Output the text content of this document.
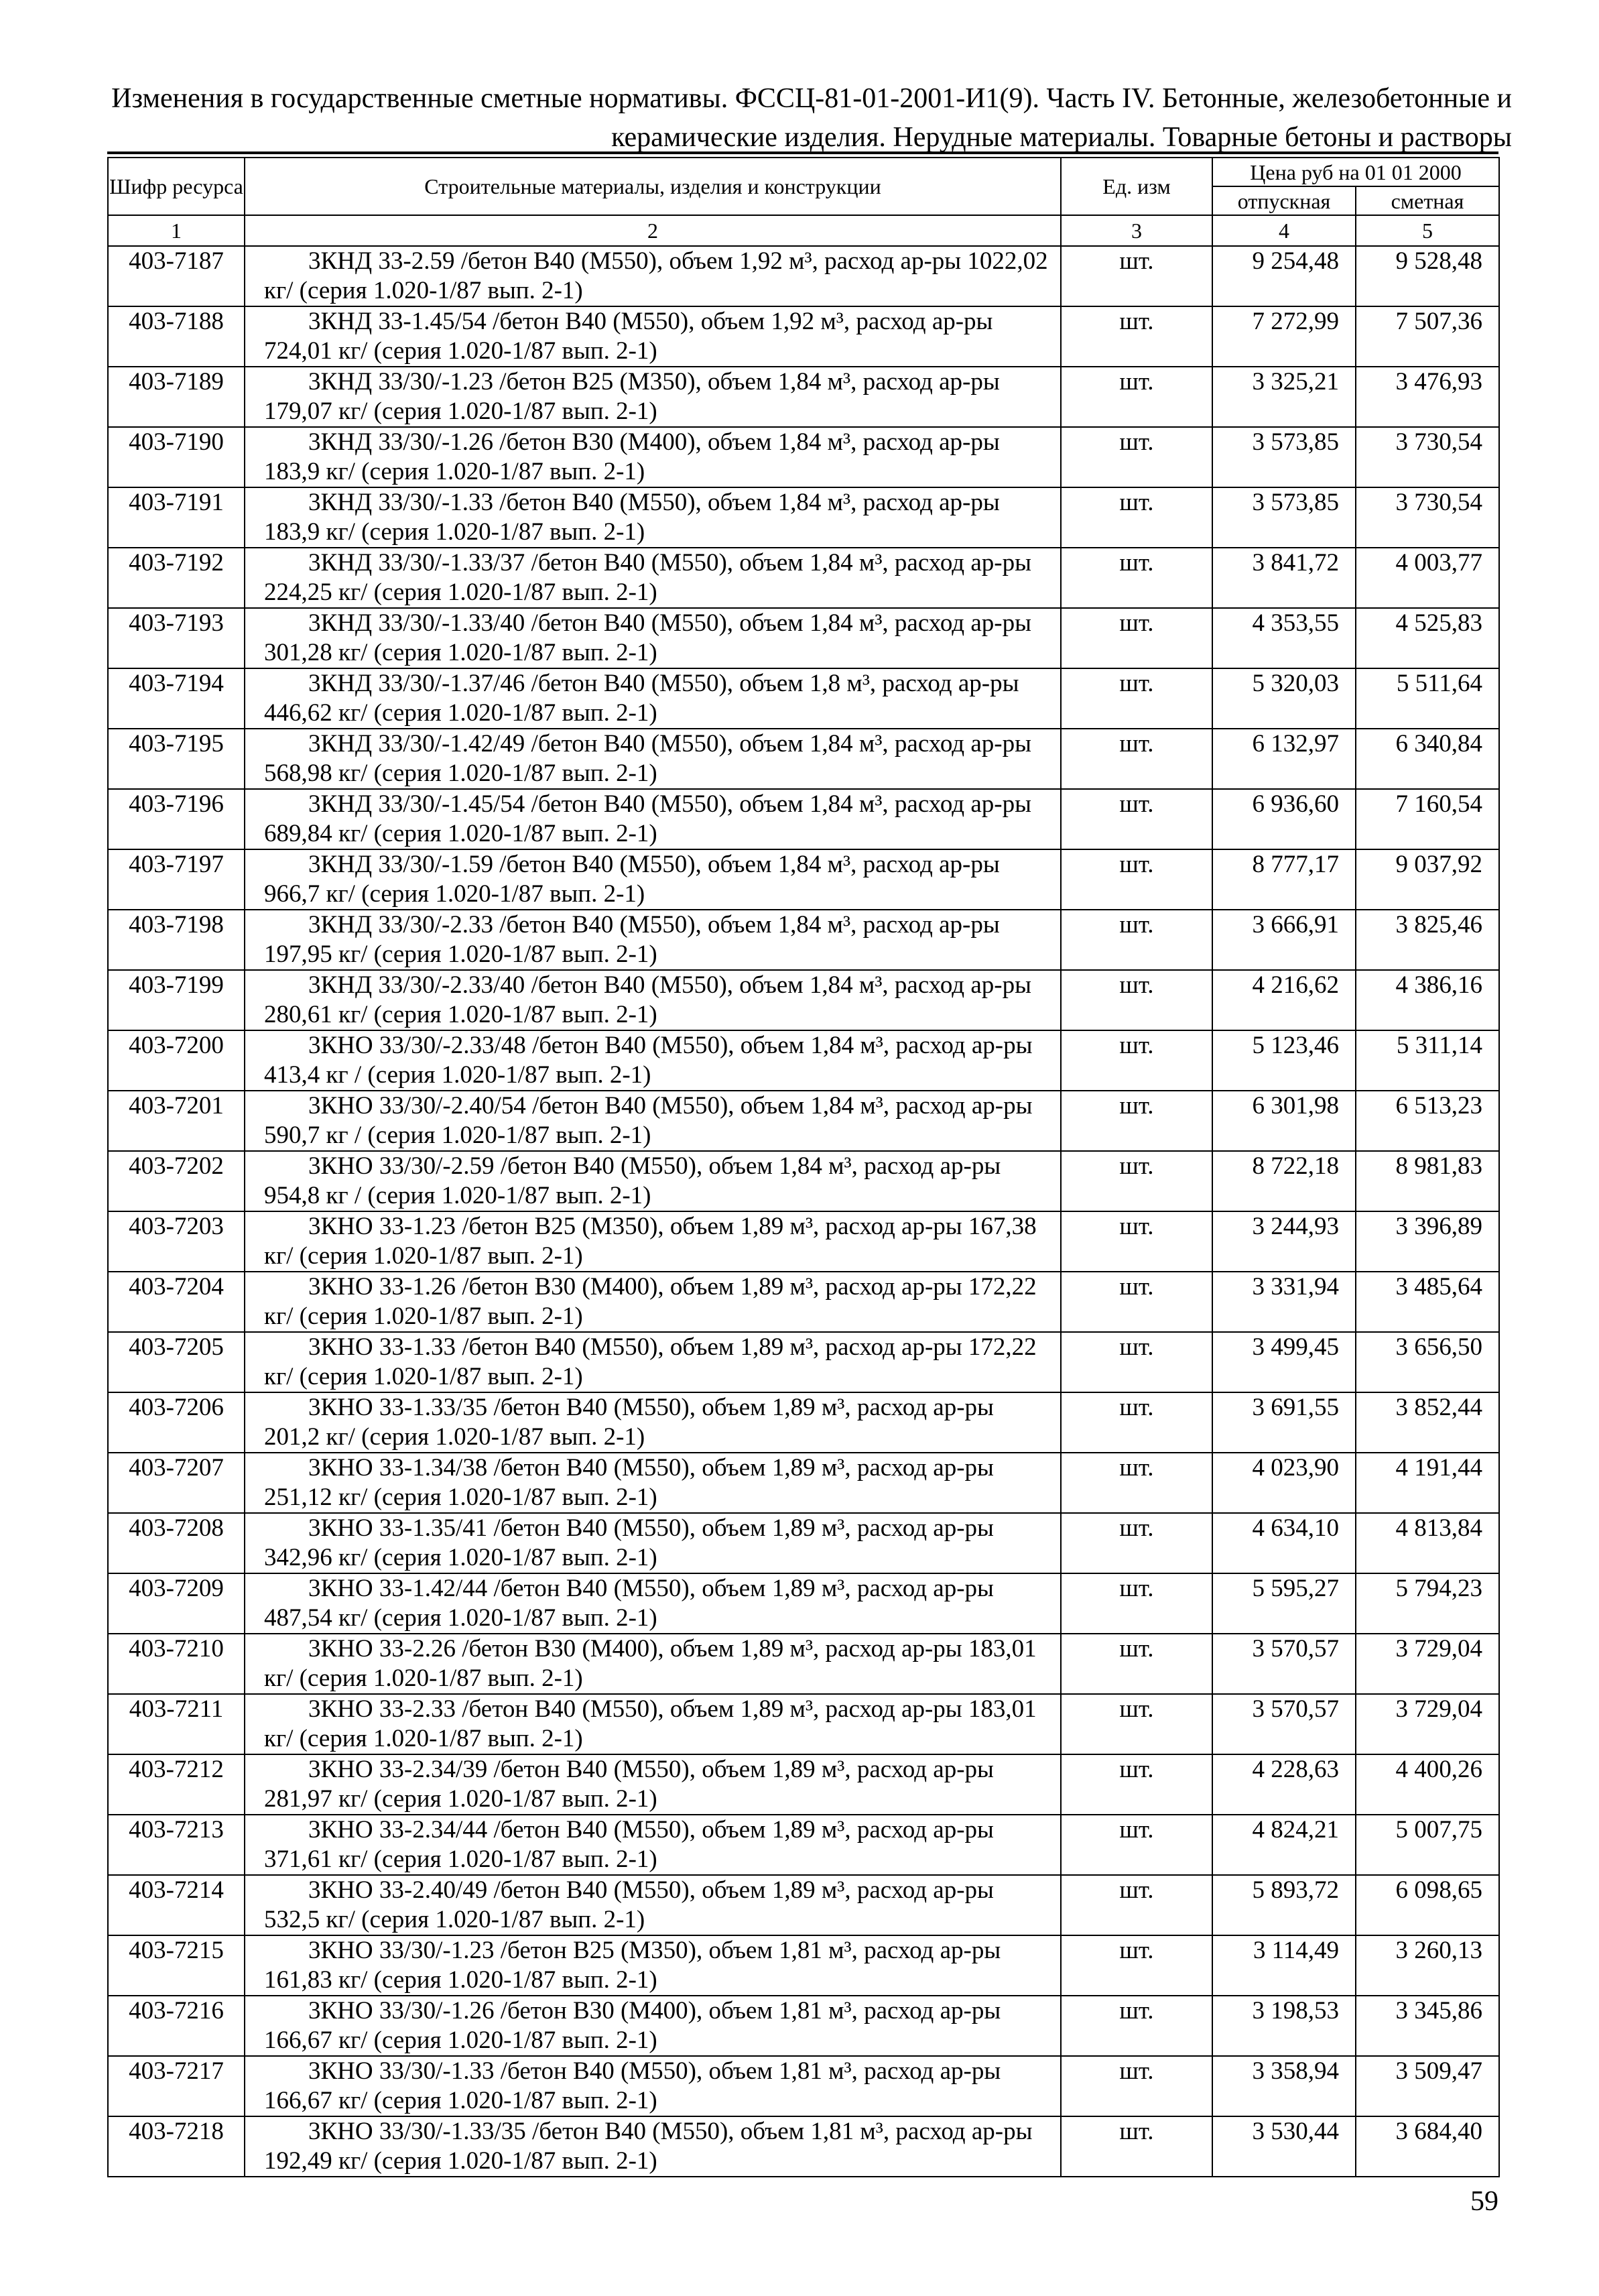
Изменения в государственные сметные нормативы. ФССЦ-81-01-2001-И1(9). Часть IV. Бетонные, железобетонные и
керамические изделия. Нерудные материалы. Товарные бетоны и растворы
Шифр ресурса	Строительные материалы, изделия и конструкции	Ед. изм	Цена руб на 01 01 2000	
			отпускная	сметная
1	2	3	4	5
403-7187	3КНД 33-2.59 /бетон В40 (М550), объем 1,92 м³, расход ар-ры 1022,02 кг/ (серия 1.020-1/87 вып. 2-1)	шт.	9 254,48	9 528,48
403-7188	3КНД 33-1.45/54 /бетон В40 (М550), объем 1,92 м³, расход ар-ры 724,01 кг/ (серия 1.020-1/87 вып. 2-1)	шт.	7 272,99	7 507,36
403-7189	3КНД 33/30/-1.23 /бетон В25 (М350), объем 1,84 м³, расход ар-ры 179,07 кг/ (серия 1.020-1/87 вып. 2-1)	шт.	3 325,21	3 476,93
403-7190	3КНД 33/30/-1.26 /бетон В30 (М400), объем 1,84 м³, расход ар-ры 183,9 кг/ (серия 1.020-1/87 вып. 2-1)	шт.	3 573,85	3 730,54
403-7191	3КНД 33/30/-1.33 /бетон В40 (М550), объем 1,84 м³, расход ар-ры 183,9 кг/ (серия 1.020-1/87 вып. 2-1)	шт.	3 573,85	3 730,54
403-7192	3КНД 33/30/-1.33/37 /бетон В40 (М550), объем 1,84 м³, расход ар-ры 224,25 кг/ (серия 1.020-1/87 вып. 2-1)	шт.	3 841,72	4 003,77
403-7193	3КНД 33/30/-1.33/40 /бетон В40 (М550), объем 1,84 м³, расход ар-ры 301,28 кг/ (серия 1.020-1/87 вып. 2-1)	шт.	4 353,55	4 525,83
403-7194	3КНД 33/30/-1.37/46 /бетон В40 (М550), объем 1,8 м³, расход ар-ры 446,62 кг/ (серия 1.020-1/87 вып. 2-1)	шт.	5 320,03	5 511,64
403-7195	3КНД 33/30/-1.42/49 /бетон В40 (М550), объем 1,84 м³, расход ар-ры 568,98 кг/ (серия 1.020-1/87 вып. 2-1)	шт.	6 132,97	6 340,84
403-7196	3КНД 33/30/-1.45/54 /бетон В40 (М550), объем 1,84 м³, расход ар-ры 689,84 кг/ (серия 1.020-1/87 вып. 2-1)	шт.	6 936,60	7 160,54
403-7197	3КНД 33/30/-1.59 /бетон В40 (М550), объем 1,84 м³, расход ар-ры 966,7 кг/ (серия 1.020-1/87 вып. 2-1)	шт.	8 777,17	9 037,92
403-7198	3КНД 33/30/-2.33 /бетон В40 (М550), объем 1,84 м³, расход ар-ры 197,95 кг/ (серия 1.020-1/87 вып. 2-1)	шт.	3 666,91	3 825,46
403-7199	3КНД 33/30/-2.33/40 /бетон В40 (М550), объем 1,84 м³, расход ар-ры 280,61 кг/ (серия 1.020-1/87 вып. 2-1)	шт.	4 216,62	4 386,16
403-7200	3КНО 33/30/-2.33/48 /бетон В40 (М550), объем 1,84 м³, расход ар-ры 413,4 кг / (серия 1.020-1/87 вып. 2-1)	шт.	5 123,46	5 311,14
403-7201	3КНО 33/30/-2.40/54 /бетон В40 (М550), объем 1,84 м³, расход ар-ры 590,7 кг / (серия 1.020-1/87 вып. 2-1)	шт.	6 301,98	6 513,23
403-7202	3КНО 33/30/-2.59 /бетон В40 (М550), объем 1,84 м³, расход ар-ры 954,8 кг / (серия 1.020-1/87 вып. 2-1)	шт.	8 722,18	8 981,83
403-7203	3КНО 33-1.23 /бетон В25 (М350), объем 1,89 м³, расход ар-ры 167,38 кг/ (серия 1.020-1/87 вып. 2-1)	шт.	3 244,93	3 396,89
403-7204	3КНО 33-1.26 /бетон В30 (М400), объем 1,89 м³, расход ар-ры 172,22 кг/ (серия 1.020-1/87 вып. 2-1)	шт.	3 331,94	3 485,64
403-7205	3КНО 33-1.33 /бетон В40 (М550), объем 1,89 м³, расход ар-ры 172,22 кг/ (серия 1.020-1/87 вып. 2-1)	шт.	3 499,45	3 656,50
403-7206	3КНО 33-1.33/35 /бетон В40 (М550), объем 1,89 м³, расход ар-ры 201,2 кг/ (серия 1.020-1/87 вып. 2-1)	шт.	3 691,55	3 852,44
403-7207	3КНО 33-1.34/38 /бетон В40 (М550), объем 1,89 м³, расход ар-ры 251,12 кг/ (серия 1.020-1/87 вып. 2-1)	шт.	4 023,90	4 191,44
403-7208	3КНО 33-1.35/41 /бетон В40 (М550), объем 1,89 м³, расход ар-ры 342,96 кг/ (серия 1.020-1/87 вып. 2-1)	шт.	4 634,10	4 813,84
403-7209	3КНО 33-1.42/44 /бетон В40 (М550), объем 1,89 м³, расход ар-ры 487,54 кг/ (серия 1.020-1/87 вып. 2-1)	шт.	5 595,27	5 794,23
403-7210	3КНО 33-2.26 /бетон В30 (М400), объем 1,89 м³, расход ар-ры 183,01 кг/ (серия 1.020-1/87 вып. 2-1)	шт.	3 570,57	3 729,04
403-7211	3КНО 33-2.33 /бетон В40 (М550), объем 1,89 м³, расход ар-ры 183,01 кг/ (серия 1.020-1/87 вып. 2-1)	шт.	3 570,57	3 729,04
403-7212	3КНО 33-2.34/39 /бетон В40 (М550), объем 1,89 м³, расход ар-ры 281,97 кг/ (серия 1.020-1/87 вып. 2-1)	шт.	4 228,63	4 400,26
403-7213	3КНО 33-2.34/44 /бетон В40 (М550), объем 1,89 м³, расход ар-ры 371,61 кг/ (серия 1.020-1/87 вып. 2-1)	шт.	4 824,21	5 007,75
403-7214	3КНО 33-2.40/49 /бетон В40 (М550), объем 1,89 м³, расход ар-ры 532,5 кг/ (серия 1.020-1/87 вып. 2-1)	шт.	5 893,72	6 098,65
403-7215	3КНО 33/30/-1.23 /бетон В25 (М350), объем 1,81 м³, расход ар-ры 161,83 кг/ (серия 1.020-1/87 вып. 2-1)	шт.	3 114,49	3 260,13
403-7216	3КНО 33/30/-1.26 /бетон В30 (М400), объем 1,81 м³, расход ар-ры 166,67 кг/ (серия 1.020-1/87 вып. 2-1)	шт.	3 198,53	3 345,86
403-7217	3КНО 33/30/-1.33 /бетон В40 (М550), объем 1,81 м³, расход ар-ры 166,67 кг/ (серия 1.020-1/87 вып. 2-1)	шт.	3 358,94	3 509,47
403-7218	3КНО 33/30/-1.33/35 /бетон В40 (М550), объем 1,81 м³, расход ар-ры 192,49 кг/ (серия 1.020-1/87 вып. 2-1)	шт.	3 530,44	3 684,40
59
